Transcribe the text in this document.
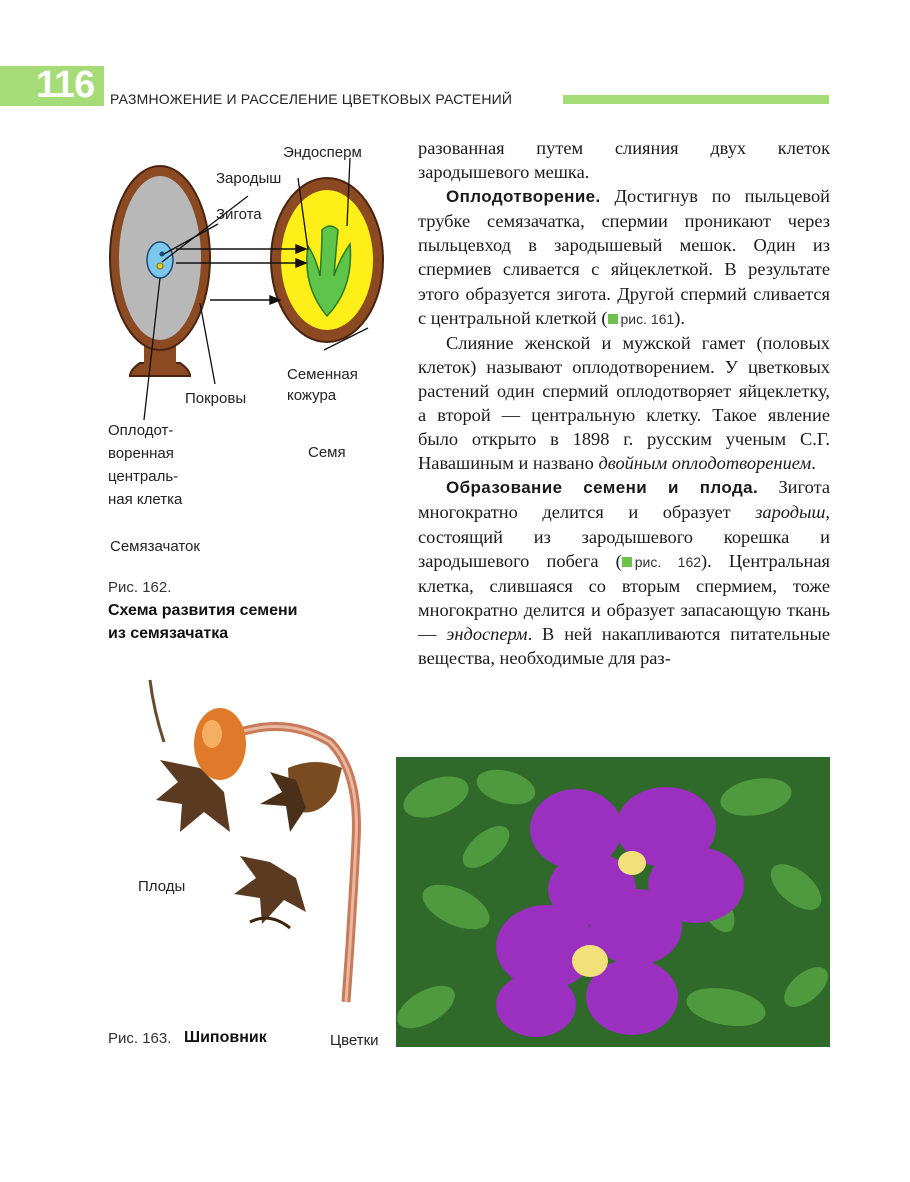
116 РАЗМНОЖЕНИЕ И РАССЕЛЕНИЕ ЦВЕТКОВЫХ РАСТЕНИЙ
Эндосперм
Зародыш
Зигота
Семенная
кожура
Покровы
Оплодот-
воренная
централь-
ная клетка
Семя
Семязачаток
Рис. 162.
Схема развития семени
из семязачатка

разованная путем слияния двух клеток зародышевого мешка.

Оплодотворение. Достигнув по пыльцевой трубке семязачатка, спермии проникают через пыльцевход в зародышевый мешок. Один из спермиев сливается с яйцеклеткой. В результате этого образуется зигота. Другой спермий сливается с центральной клеткой ( рис. 161).

Слияние женской и мужской гамет (половых клеток) называют оплодотворением. У цветковых растений один спермий оплодотворяет яйцеклетку, а второй — центральную клетку. Такое явление было открыто в 1898 г. русским ученым С.Г. Навашиным и названо двойным оплодотворением.

Образование семени и плода. Зигота многократно делится и образует зародыш, состоящий из зародышевого корешка и зародышевого побега ( рис. 162). Центральная клетка, слившаяся со вторым спермием, тоже многократно делится и образует запасающую ткань — эндосперм. В ней накапливаются питательные вещества, необходимые для раз-

Плоды
Цветки
Рис. 163. Шиповник
